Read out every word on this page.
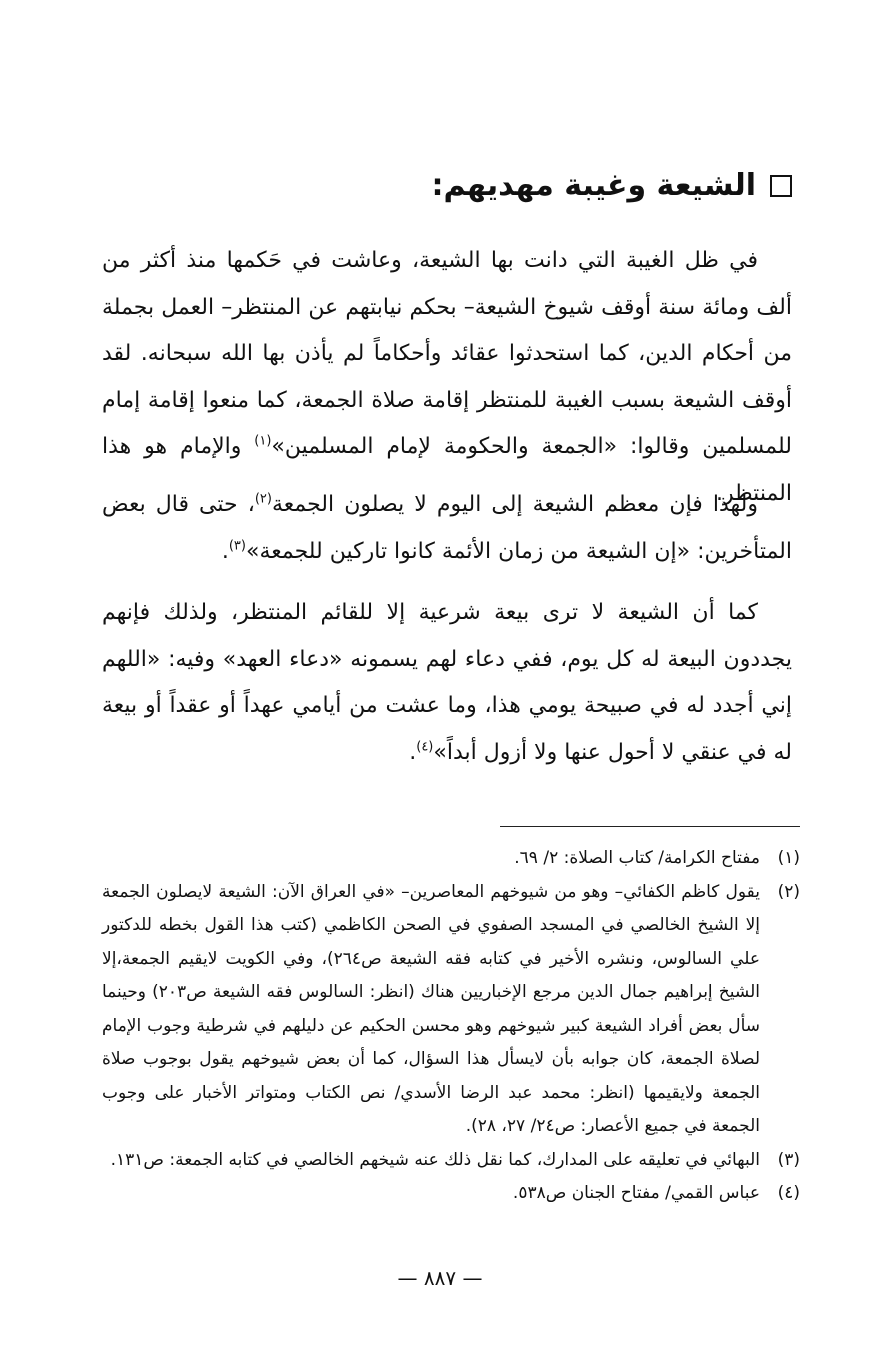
الشيعة وغيبة مهديهم:

في ظل الغيبة التي دانت بها الشيعة، وعاشت في حَكمها منذ أكثر من ألف ومائة سنة أوقف شيوخ الشيعة– بحكم نيابتهم عن المنتظر– العمل بجملة من أحكام الدين، كما استحدثوا عقائد وأحكاماً لم يأذن بها الله سبحانه. لقد أوقف الشيعة بسبب الغيبة للمنتظر إقامة صلاة الجمعة، كما منعوا إقامة إمام للمسلمين وقالوا: «الجمعة والحكومة لإمام المسلمين»$^{(١)}$ والإمام هو هذا المنتظر.

ولهذا فإن معظم الشيعة إلى اليوم لا يصلون الجمعة$^{(٢)}$، حتى قال بعض المتأخرين: «إن الشيعة من زمان الأئمة كانوا تاركين للجمعة»$^{(٣)}$.

كما أن الشيعة لا ترى بيعة شرعية إلا للقائم المنتظر، ولذلك فإنهم يجددون البيعة له كل يوم، ففي دعاء لهم يسمونه «دعاء العهد» وفيه: «اللهم إني أجدد له في صبيحة يومي هذا، وما عشت من أيامي عهداً أو عقداً أو بيعة له في عنقي لا أحول عنها ولا أزول أبداً»$^{(٤)}$.

(١)
مفتاح الكرامة/ كتاب الصلاة: ٢/ ٦٩.
(٢)
يقول كاظم الكفائي– وهو من شيوخهم المعاصرين– «في العراق الآن: الشيعة لايصلون الجمعة إلا الشيخ الخالصي في المسجد الصفوي في الصحن الكاظمي (كتب هذا القول بخطه للدكتور علي السالوس، ونشره الأخير في كتابه فقه الشيعة ص٢٦٤)، وفي الكويت لايقيم الجمعة،إلا الشيخ إبراهيم جمال الدين مرجع الإخباريين هناك (انظر: السالوس فقه الشيعة ص٢٠٣) وحينما سأل بعض أفراد الشيعة كبير شيوخهم وهو محسن الحكيم عن دليلهم في شرطية وجوب الإمام لصلاة الجمعة، كان جوابه بأن لايسأل هذا السؤال، كما أن بعض شيوخهم يقول بوجوب صلاة الجمعة ولايقيمها (انظر: محمد عبد الرضا الأسدي/ نص الكتاب ومتواتر الأخبار على وجوب الجمعة في جميع الأعصار: ص٢٤/ ٢٧، ٢٨).
(٣)
البهائي في تعليقه على المدارك، كما نقل ذلك عنه شيخهم الخالصي في كتابه الجمعة: ص١٣١.
(٤)
عباس القمي/ مفتاح الجنان ص٥٣٨.
— ٨٨٧ —
